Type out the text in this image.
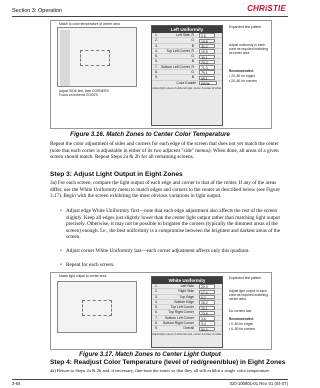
Section 3: Operation	CHRiSTIE
Match to color temperature of center area
Adjust SIDE first, then CORNERS
Focus on extreme EDGES
Left Uniformity
1.	Left Side, R	5.6
2.	G	15.8
3.	B	30.2
4.	Top Left Corner, R	19.5
5.	G	30.1
6.	B	79.3
7. Bottom Left Corner, R	71.3
8.	G	79.1
9.	B	69.1
Color Enable	White
Adjust light output of white left side, corner & center of white.
Expanded test pattern
Adjust uniformity in each zone as required matching at center area
Recommended:
• 20–80 for edges
• 20–80 for corners
Figure 3.16. Match Zones to Center Color Temperature
Repeat the color adjustment of sides and corners for each edge of the screen that does not yet match the center (note that each corner is adjustable in either of its two adjacent "side" menus). When done, all areas of a given screen should match. Repeat Steps 2a & 2b for all remaining screens.
Step 3: Adjust Light Output in Eight Zones
3a) For each screen, compare the light output of each edge and corner to that of the center. If any of the areas differ, use the White Uniformity menu to match edges and corners to the center as described below (see Figure 3.17). Begin with the screen exhibiting the most obvious variations in light output.
• Adjust edge White Uniformity first—note that each edge adjustment also affects the rest of the screen slightly. Keep all edges just slightly lower than the center light output rather than matching light output precisely. Otherwise, it may not be possible to brighten the corners (typically the dimmest areas of the screen) enough. I.e., the best uniformity is a compromise between the brightest and darkest areas of the screen.
• Adjust corner White Uniformity last—each corner adjustment affects only this quadrant.
• Repeat for each screen.
Match light output to center area
White Uniformity
1.	Left Side	20.0
2.	Right Side	17.4
3.	Top Edge	5.2
4.	Bottom Edge	16.2
5.	Top Left Corner	20.1
6.	Top Right Corner	73.5
7. Bottom Left Corner	3.6
8. Bottom Right Corner	9.4
9.	Overall	50.0
Adjust light output of white left side, corner & center of white.
Expanded test pattern
Adjust light output in each zone as required matching center area
Do corners last
Recommended:
• 0–80 for edges
• 0–80 for corners
Figure 3.17. Match Zones to Center Light Output
Step 4: Readjust Color Temperature (level of red/green/blue) in Eight Zones
4a) Return to Steps 2a & 2b and, if necessary, fine-tune the zones so that they all still exhibit a single color temperature.
3-64	020-100801-01 Rev. 01 (04-07)
